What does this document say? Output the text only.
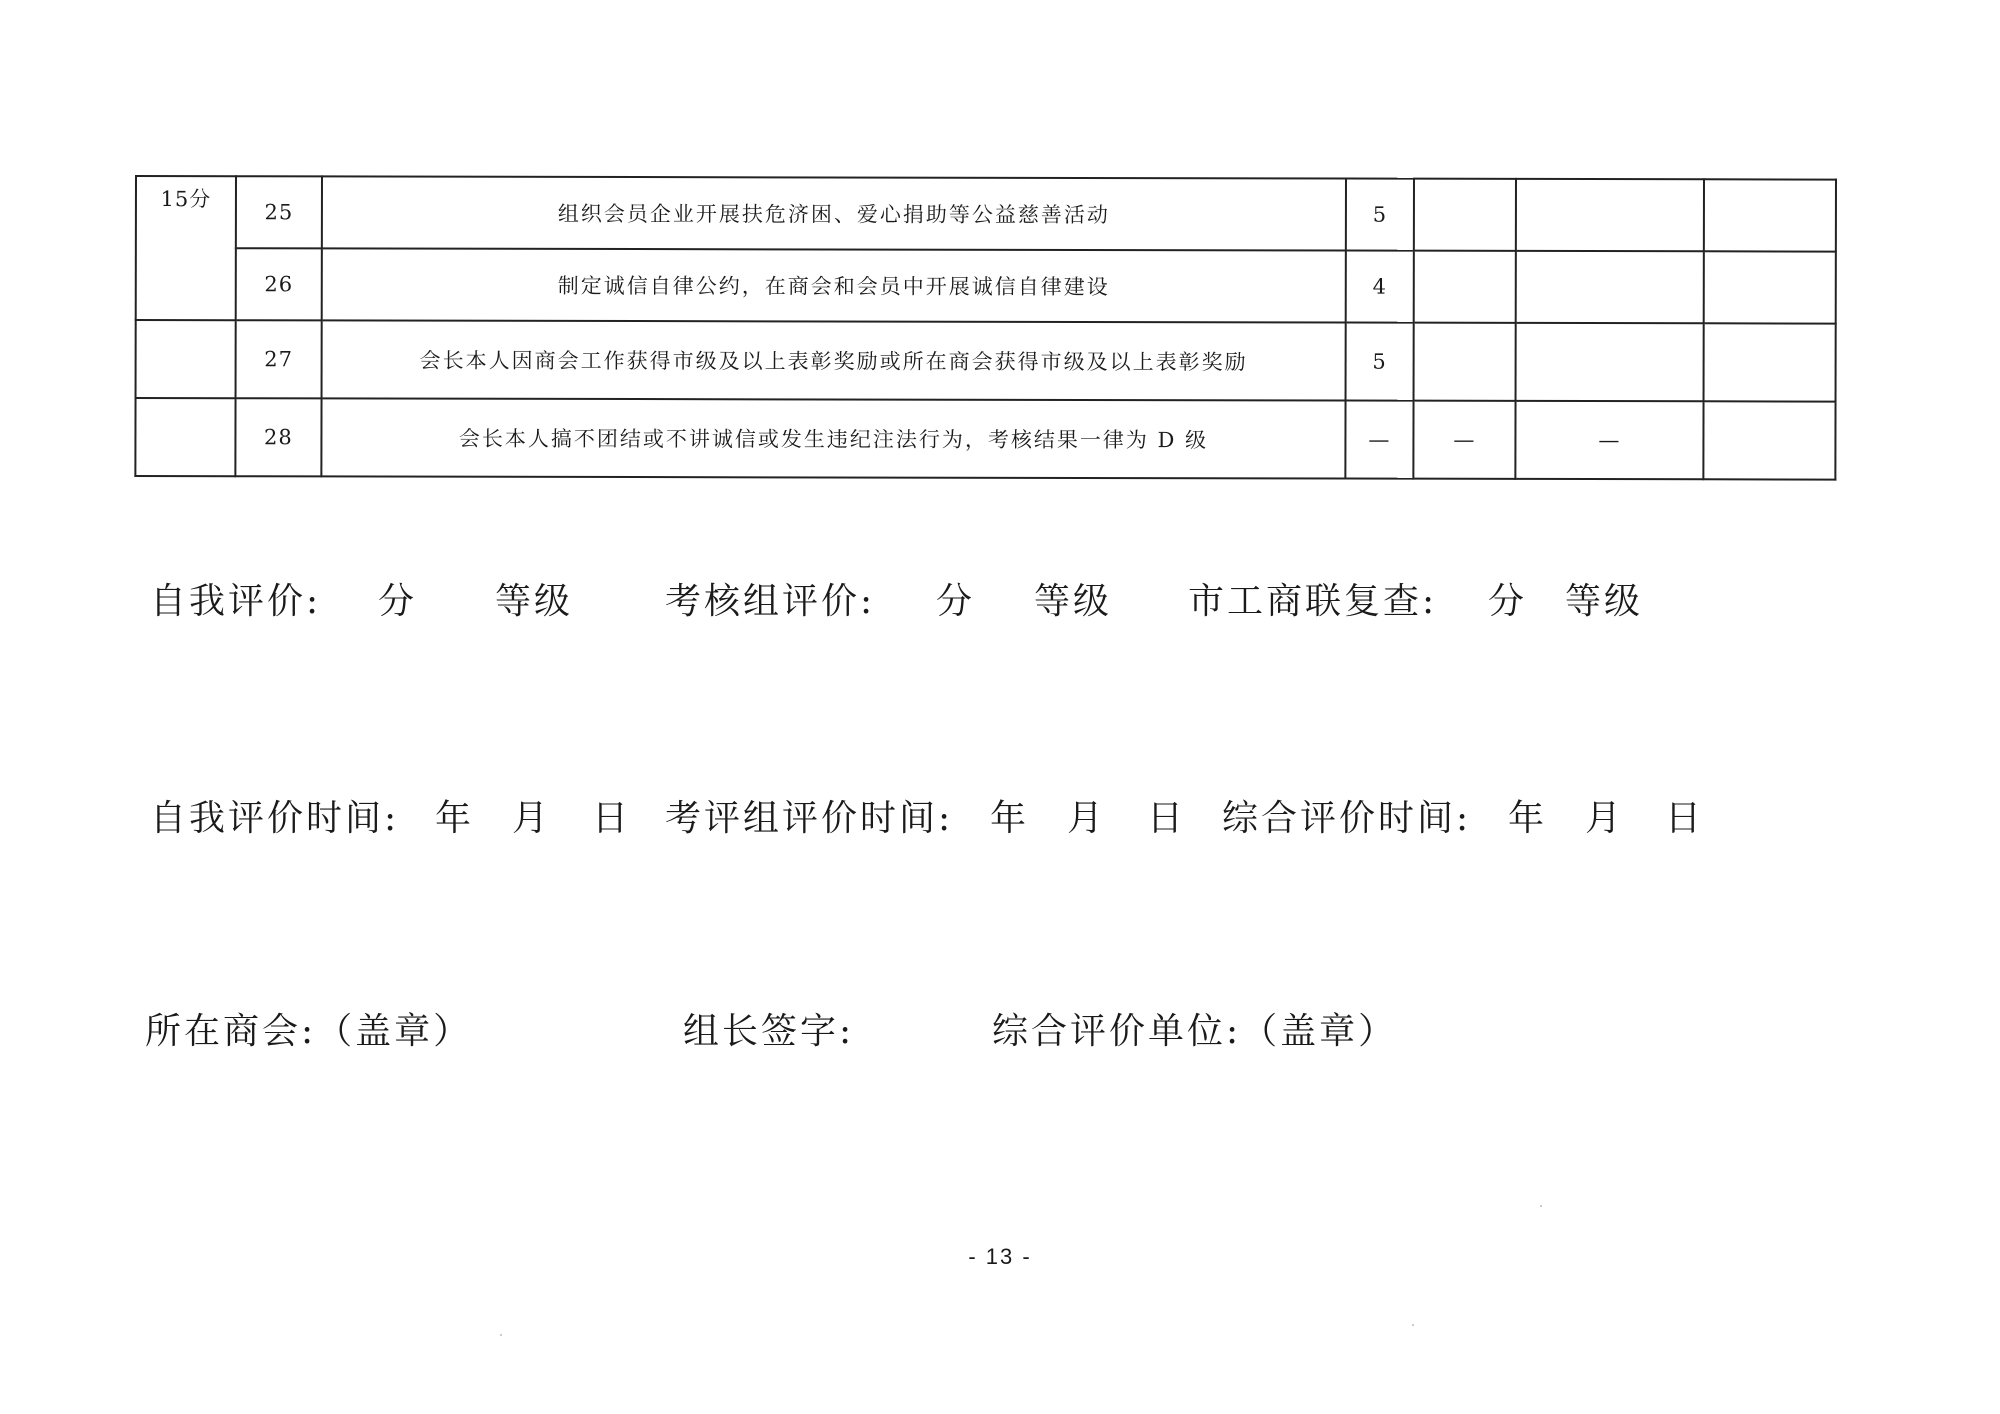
15分	25	组织会员企业开展扶危济困、爱心捐助等公益慈善活动	5			
	26	制定诚信自律公约，在商会和会员中开展诚信自律建设	4			
	27	会长本人因商会工作获得市级及以上表彰奖励或所在商会获得市级及以上表彰奖励	5			
	28	会长本人搞不团结或不讲诚信或发生违纪注法行为，考核结果一律为 D 级	—	—	—	
自我评价: 分 等级	考核组评价: 分 等级 市工商联复查: 分 等级
自我评价时间: 年 月 日 考评组评价时间: 年 月 日 综合评价时间: 年 月 日
所在商会:（盖章）	组长签字:	综合评价单位:（盖章）
- 13 -
